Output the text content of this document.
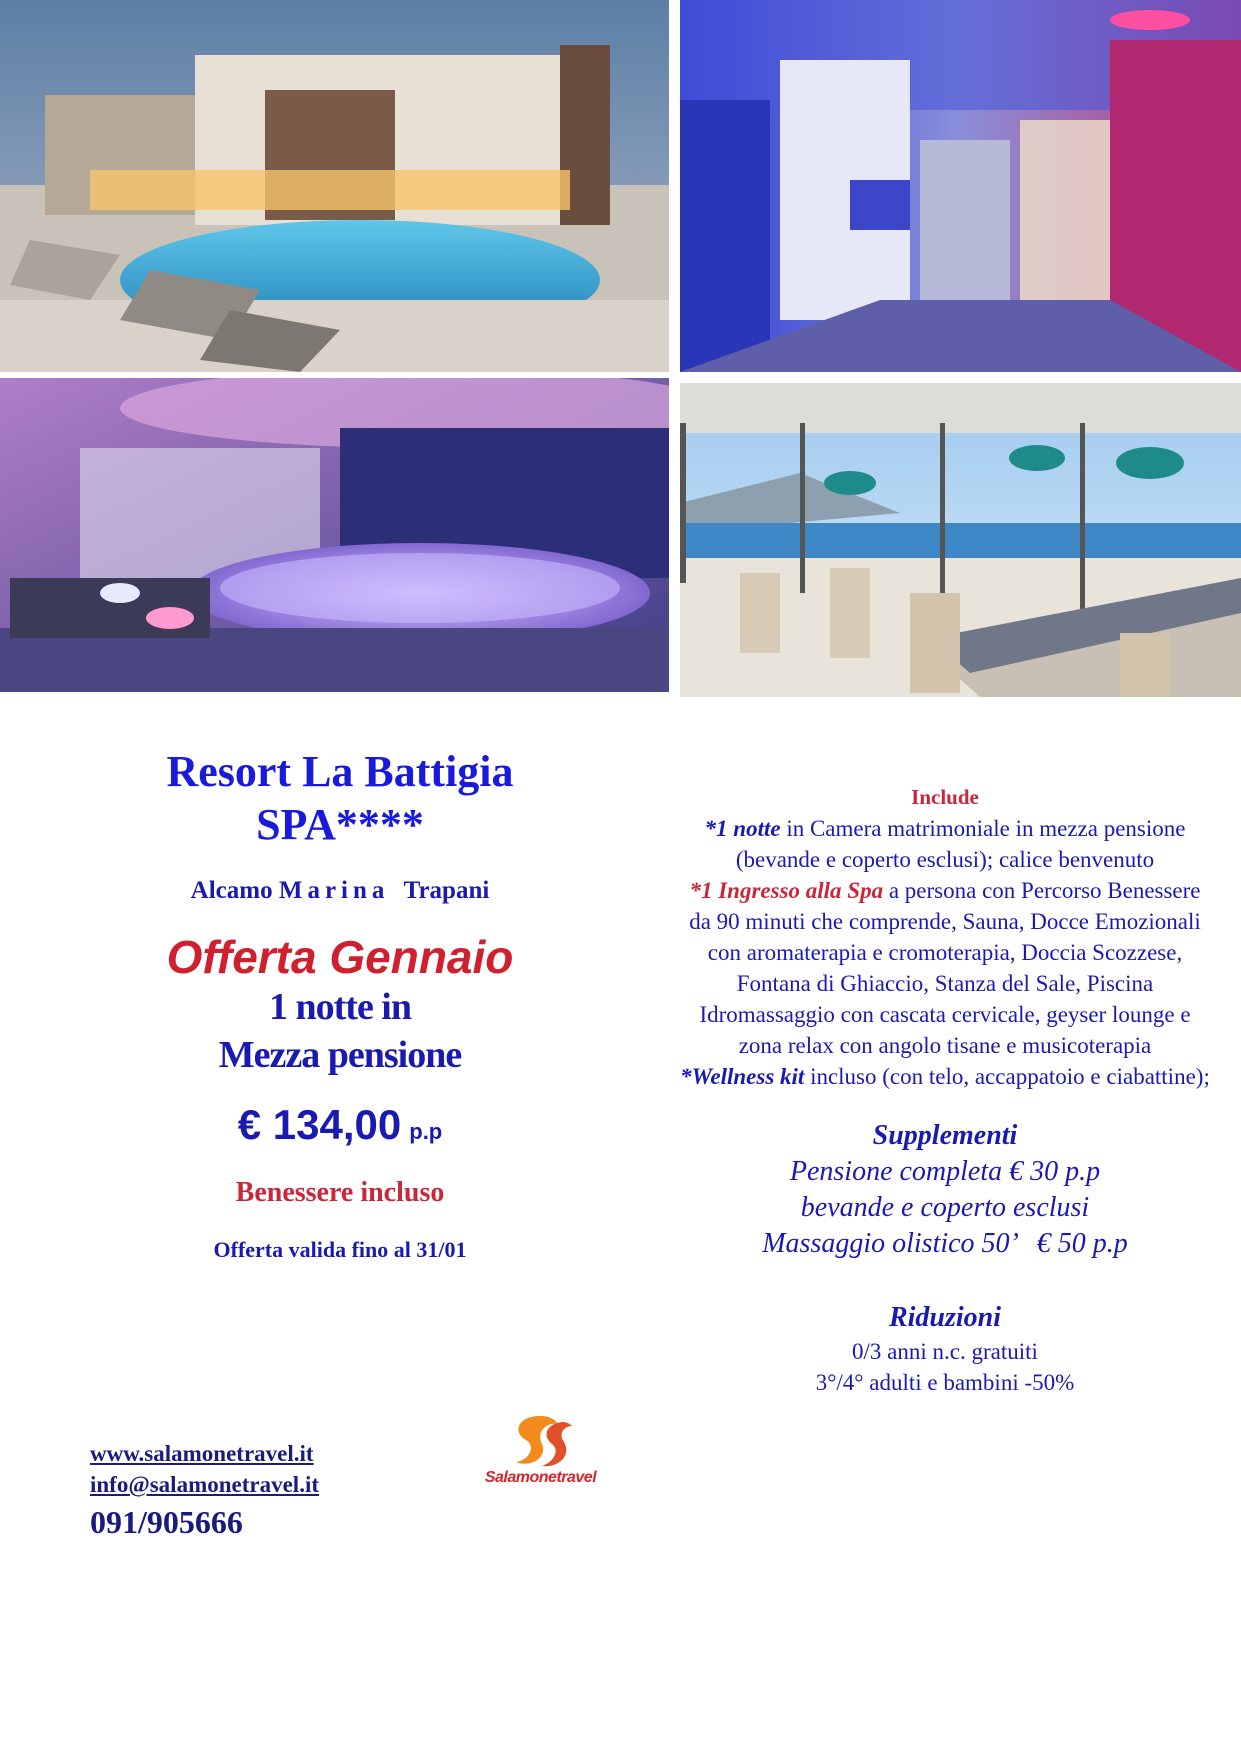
Resort La Battigia
SPA****
Alcamo Marina Trapani
Offerta Gennaio
1 notte in
Mezza pensione
€ 134,00 p.p
Benessere incluso
Offerta valida fino al 31/01
Include
*1 notte in Camera matrimoniale in mezza pensione (bevande e coperto esclusi); calice benvenuto
*1 Ingresso alla Spa a persona con Percorso Benessere da 90 minuti che comprende, Sauna, Docce Emozionali con aromaterapia e cromoterapia, Doccia Scozzese, Fontana di Ghiaccio, Stanza del Sale, Piscina Idromassaggio con cascata cervicale, geyser lounge e zona relax con angolo tisane e musicoterapia
*Wellness kit incluso (con telo, accappatoio e ciabattine);
Supplementi
Pensione completa € 30 p.p
bevande e coperto esclusi
Massaggio olistico 50’   € 50 p.p
Riduzioni
0/3 anni n.c. gratuiti
3°/4° adulti e bambini -50%
www.salamonetravel.it
info@salamonetravel.it
091/905666
Salamonetravel
